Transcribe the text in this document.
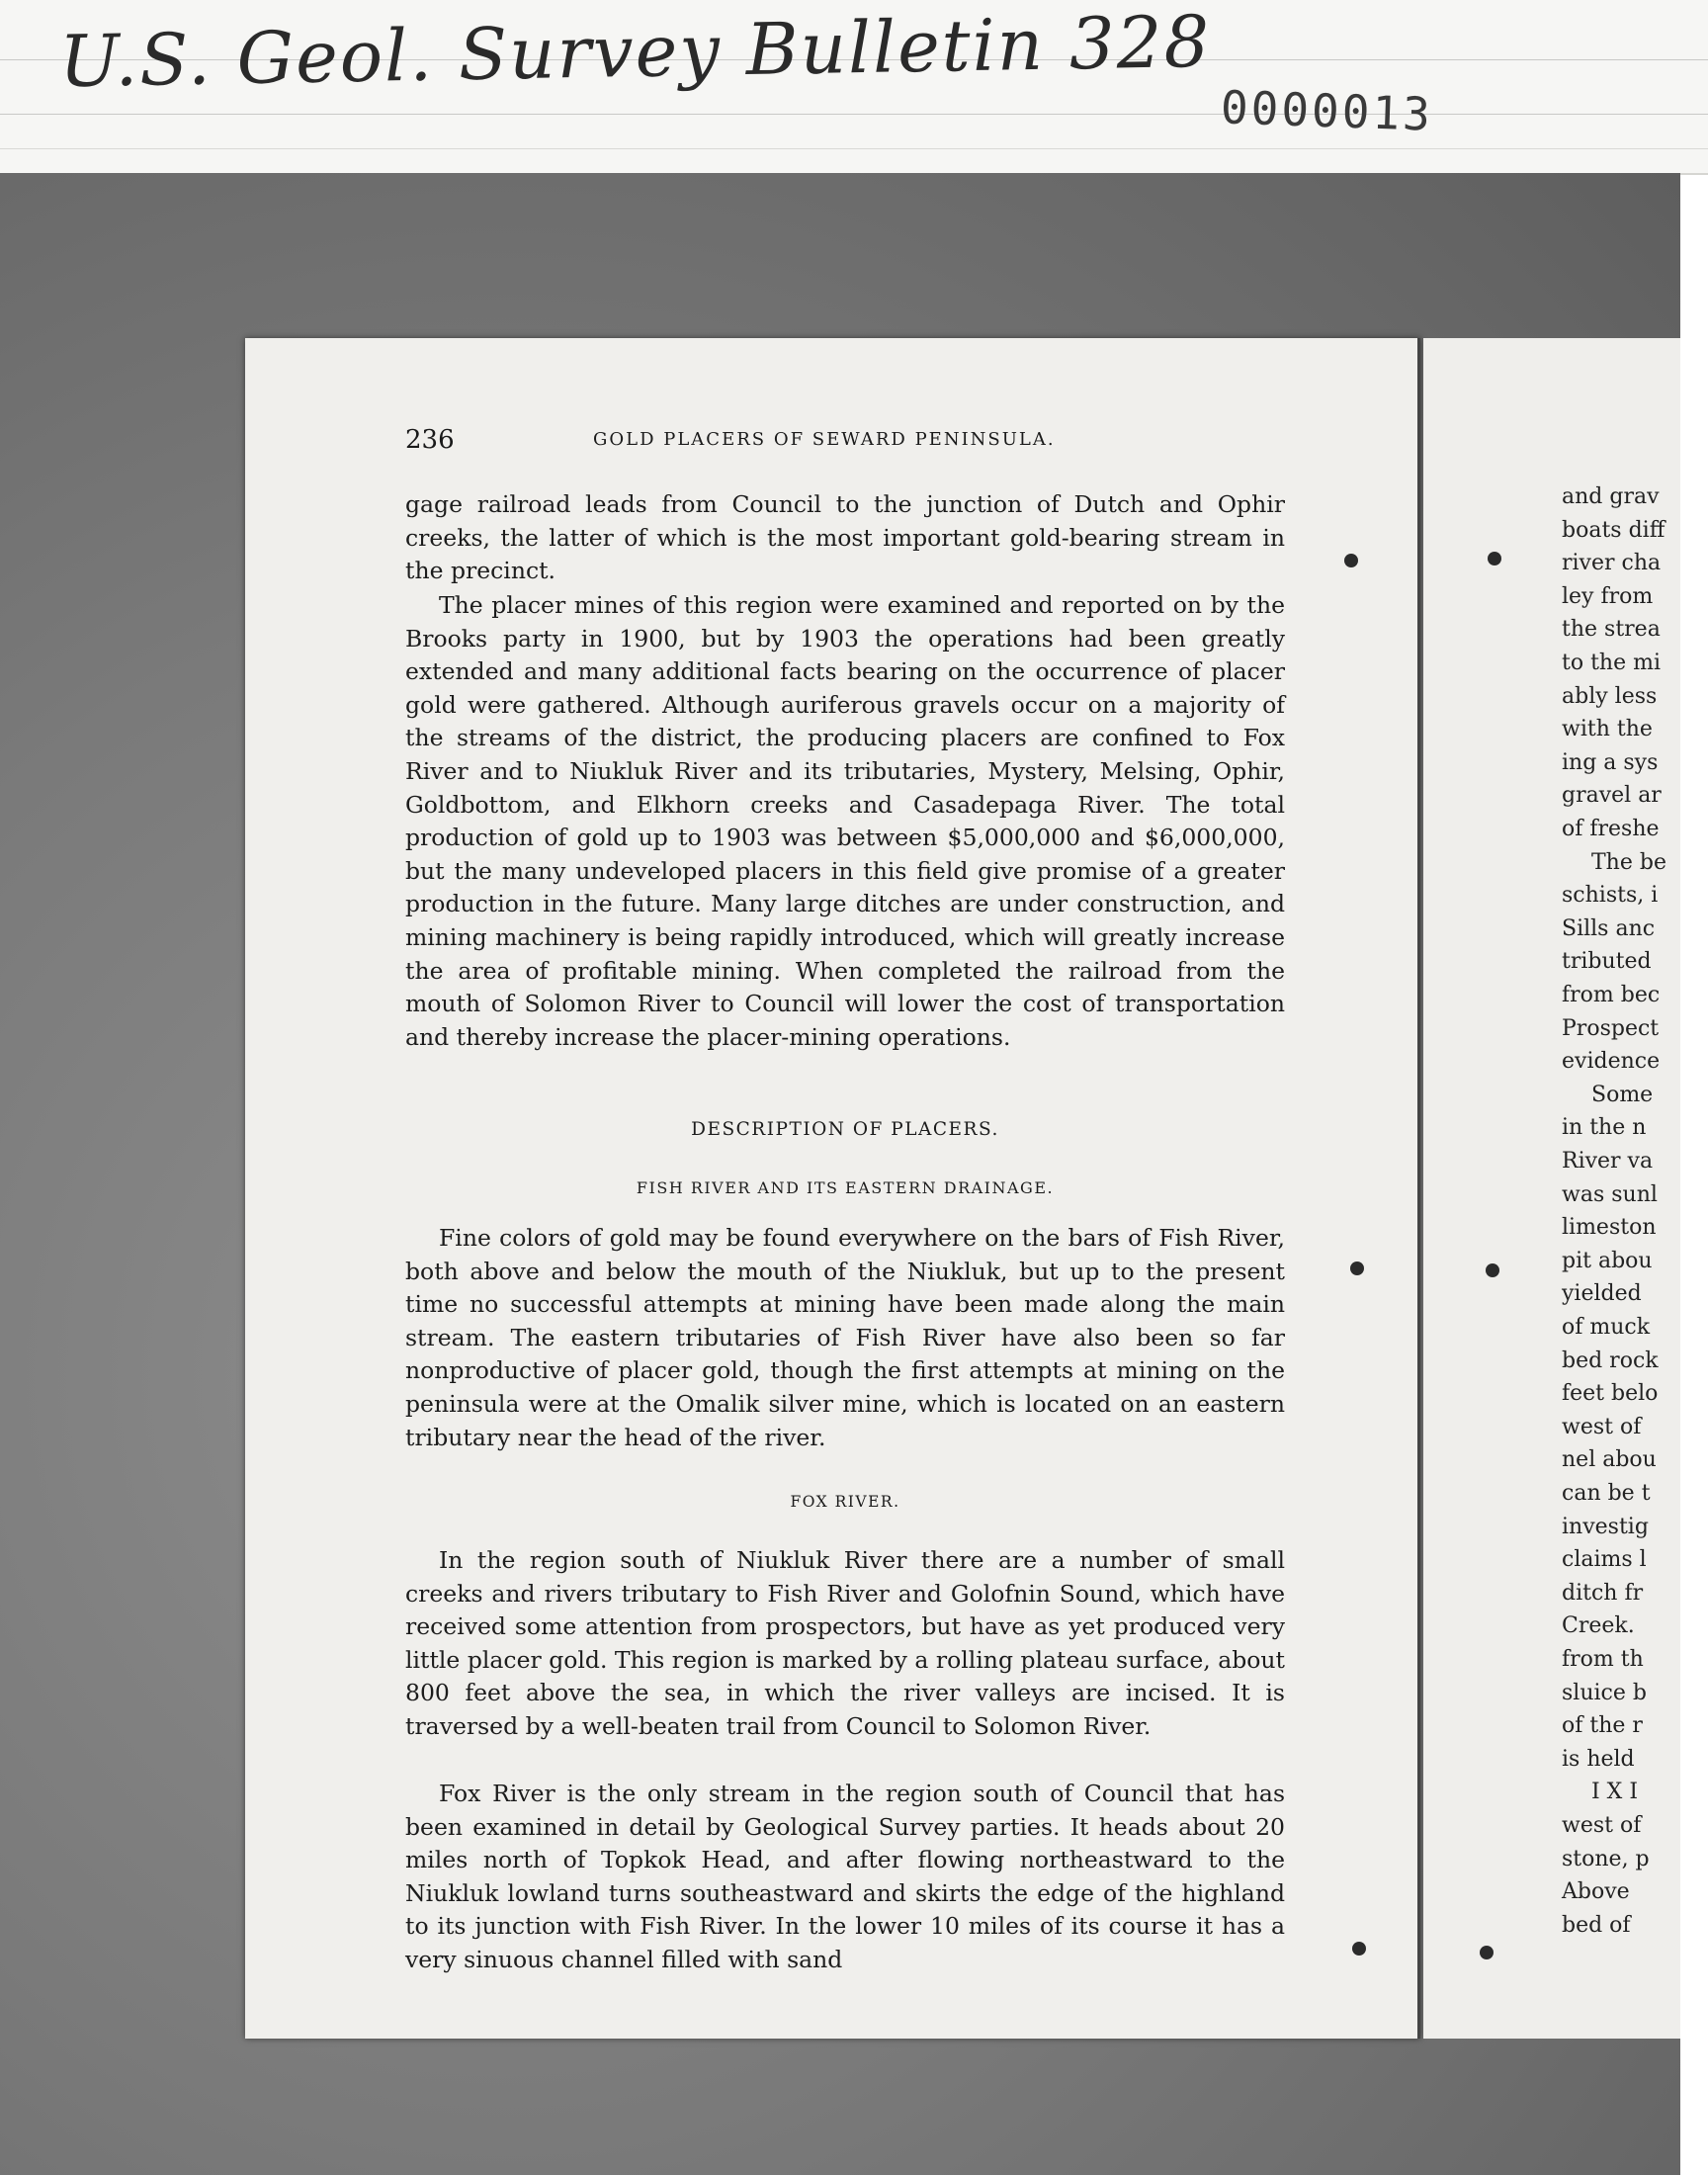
U.S. Geol. Survey Bulletin 328
0000013
and grav
boats diff
river cha
ley from
the strea
to the mi
ably less
with the
ing a sys
gravel ar
of freshe
The be
schists, i
Sills anc
tributed
from bec
Prospect
evidence
Some
in the n
River va
was sunl
limeston
pit abou
yielded
of muck
bed rock
feet belo
west of
nel abou
can be t
investig
claims l
ditch fr
Creek.
from th
sluice b
of the r
is held
I X I
west of
stone, p
Above
bed of
236	GOLD PLACERS OF SEWARD PENINSULA.

gage railroad leads from Council to the junction of Dutch and Ophir creeks, the latter of which is the most important gold-bearing stream in the precinct.

The placer mines of this region were examined and reported on by the Brooks party in 1900, but by 1903 the operations had been greatly extended and many additional facts bearing on the occurrence of placer gold were gathered. Although auriferous gravels occur on a majority of the streams of the district, the producing placers are confined to Fox River and to Niukluk River and its tributaries, Mystery, Melsing, Ophir, Goldbottom, and Elkhorn creeks and Casadepaga River. The total production of gold up to 1903 was between $5,000,000 and $6,000,000, but the many undeveloped placers in this field give promise of a greater production in the future. Many large ditches are under construction, and mining machinery is being rapidly introduced, which will greatly increase the area of profitable mining. When completed the railroad from the mouth of Solomon River to Council will lower the cost of transportation and thereby increase the placer-mining operations.

DESCRIPTION OF PLACERS.

FISH RIVER AND ITS EASTERN DRAINAGE.

Fine colors of gold may be found everywhere on the bars of Fish River, both above and below the mouth of the Niukluk, but up to the present time no successful attempts at mining have been made along the main stream. The eastern tributaries of Fish River have also been so far nonproductive of placer gold, though the first attempts at mining on the peninsula were at the Omalik silver mine, which is located on an eastern tributary near the head of the river.

FOX RIVER.

In the region south of Niukluk River there are a number of small creeks and rivers tributary to Fish River and Golofnin Sound, which have received some attention from prospectors, but have as yet produced very little placer gold. This region is marked by a rolling plateau surface, about 800 feet above the sea, in which the river valleys are incised. It is traversed by a well-beaten trail from Council to Solomon River.

Fox River is the only stream in the region south of Council that has been examined in detail by Geological Survey parties. It heads about 20 miles north of Topkok Head, and after flowing northeastward to the Niukluk lowland turns southeastward and skirts the edge of the highland to its junction with Fish River. In the lower 10 miles of its course it has a very sinuous channel filled with sand
